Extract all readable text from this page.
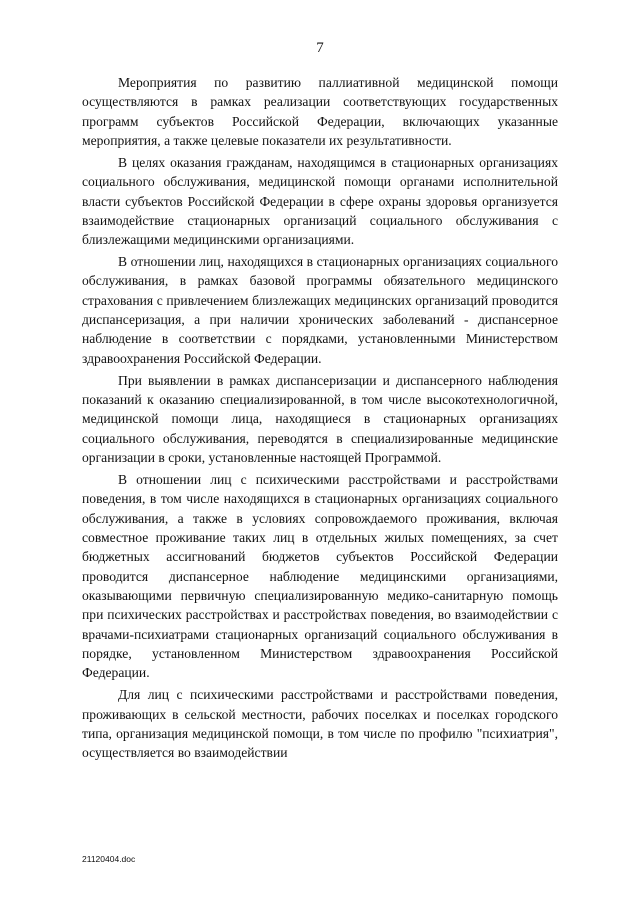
7

Мероприятия по развитию паллиативной медицинской помощи осуществляются в рамках реализации соответствующих государственных программ субъектов Российской Федерации, включающих указанные мероприятия, а также целевые показатели их результативности.

В целях оказания гражданам, находящимся в стационарных организациях социального обслуживания, медицинской помощи органами исполнительной власти субъектов Российской Федерации в сфере охраны здоровья организуется взаимодействие стационарных организаций социального обслуживания с близлежащими медицинскими организациями.

В отношении лиц, находящихся в стационарных организациях социального обслуживания, в рамках базовой программы обязательного медицинского страхования с привлечением близлежащих медицинских организаций проводится диспансеризация, а при наличии хронических заболеваний - диспансерное наблюдение в соответствии с порядками, установленными Министерством здравоохранения Российской Федерации.

При выявлении в рамках диспансеризации и диспансерного наблюдения показаний к оказанию специализированной, в том числе высокотехнологичной, медицинской помощи лица, находящиеся в стационарных организациях социального обслуживания, переводятся в специализированные медицинские организации в сроки, установленные настоящей Программой.

В отношении лиц с психическими расстройствами и расстройствами поведения, в том числе находящихся в стационарных организациях социального обслуживания, а также в условиях сопровождаемого проживания, включая совместное проживание таких лиц в отдельных жилых помещениях, за счет бюджетных ассигнований бюджетов субъектов Российской Федерации проводится диспансерное наблюдение медицинскими организациями, оказывающими первичную специализированную медико-санитарную помощь при психических расстройствах и расстройствах поведения, во взаимодействии с врачами-психиатрами стационарных организаций социального обслуживания в порядке, установленном Министерством здравоохранения Российской Федерации.

Для лиц с психическими расстройствами и расстройствами поведения, проживающих в сельской местности, рабочих поселках и поселках городского типа, организация медицинской помощи, в том числе по профилю "психиатрия", осуществляется во взаимодействии

21120404.doc
